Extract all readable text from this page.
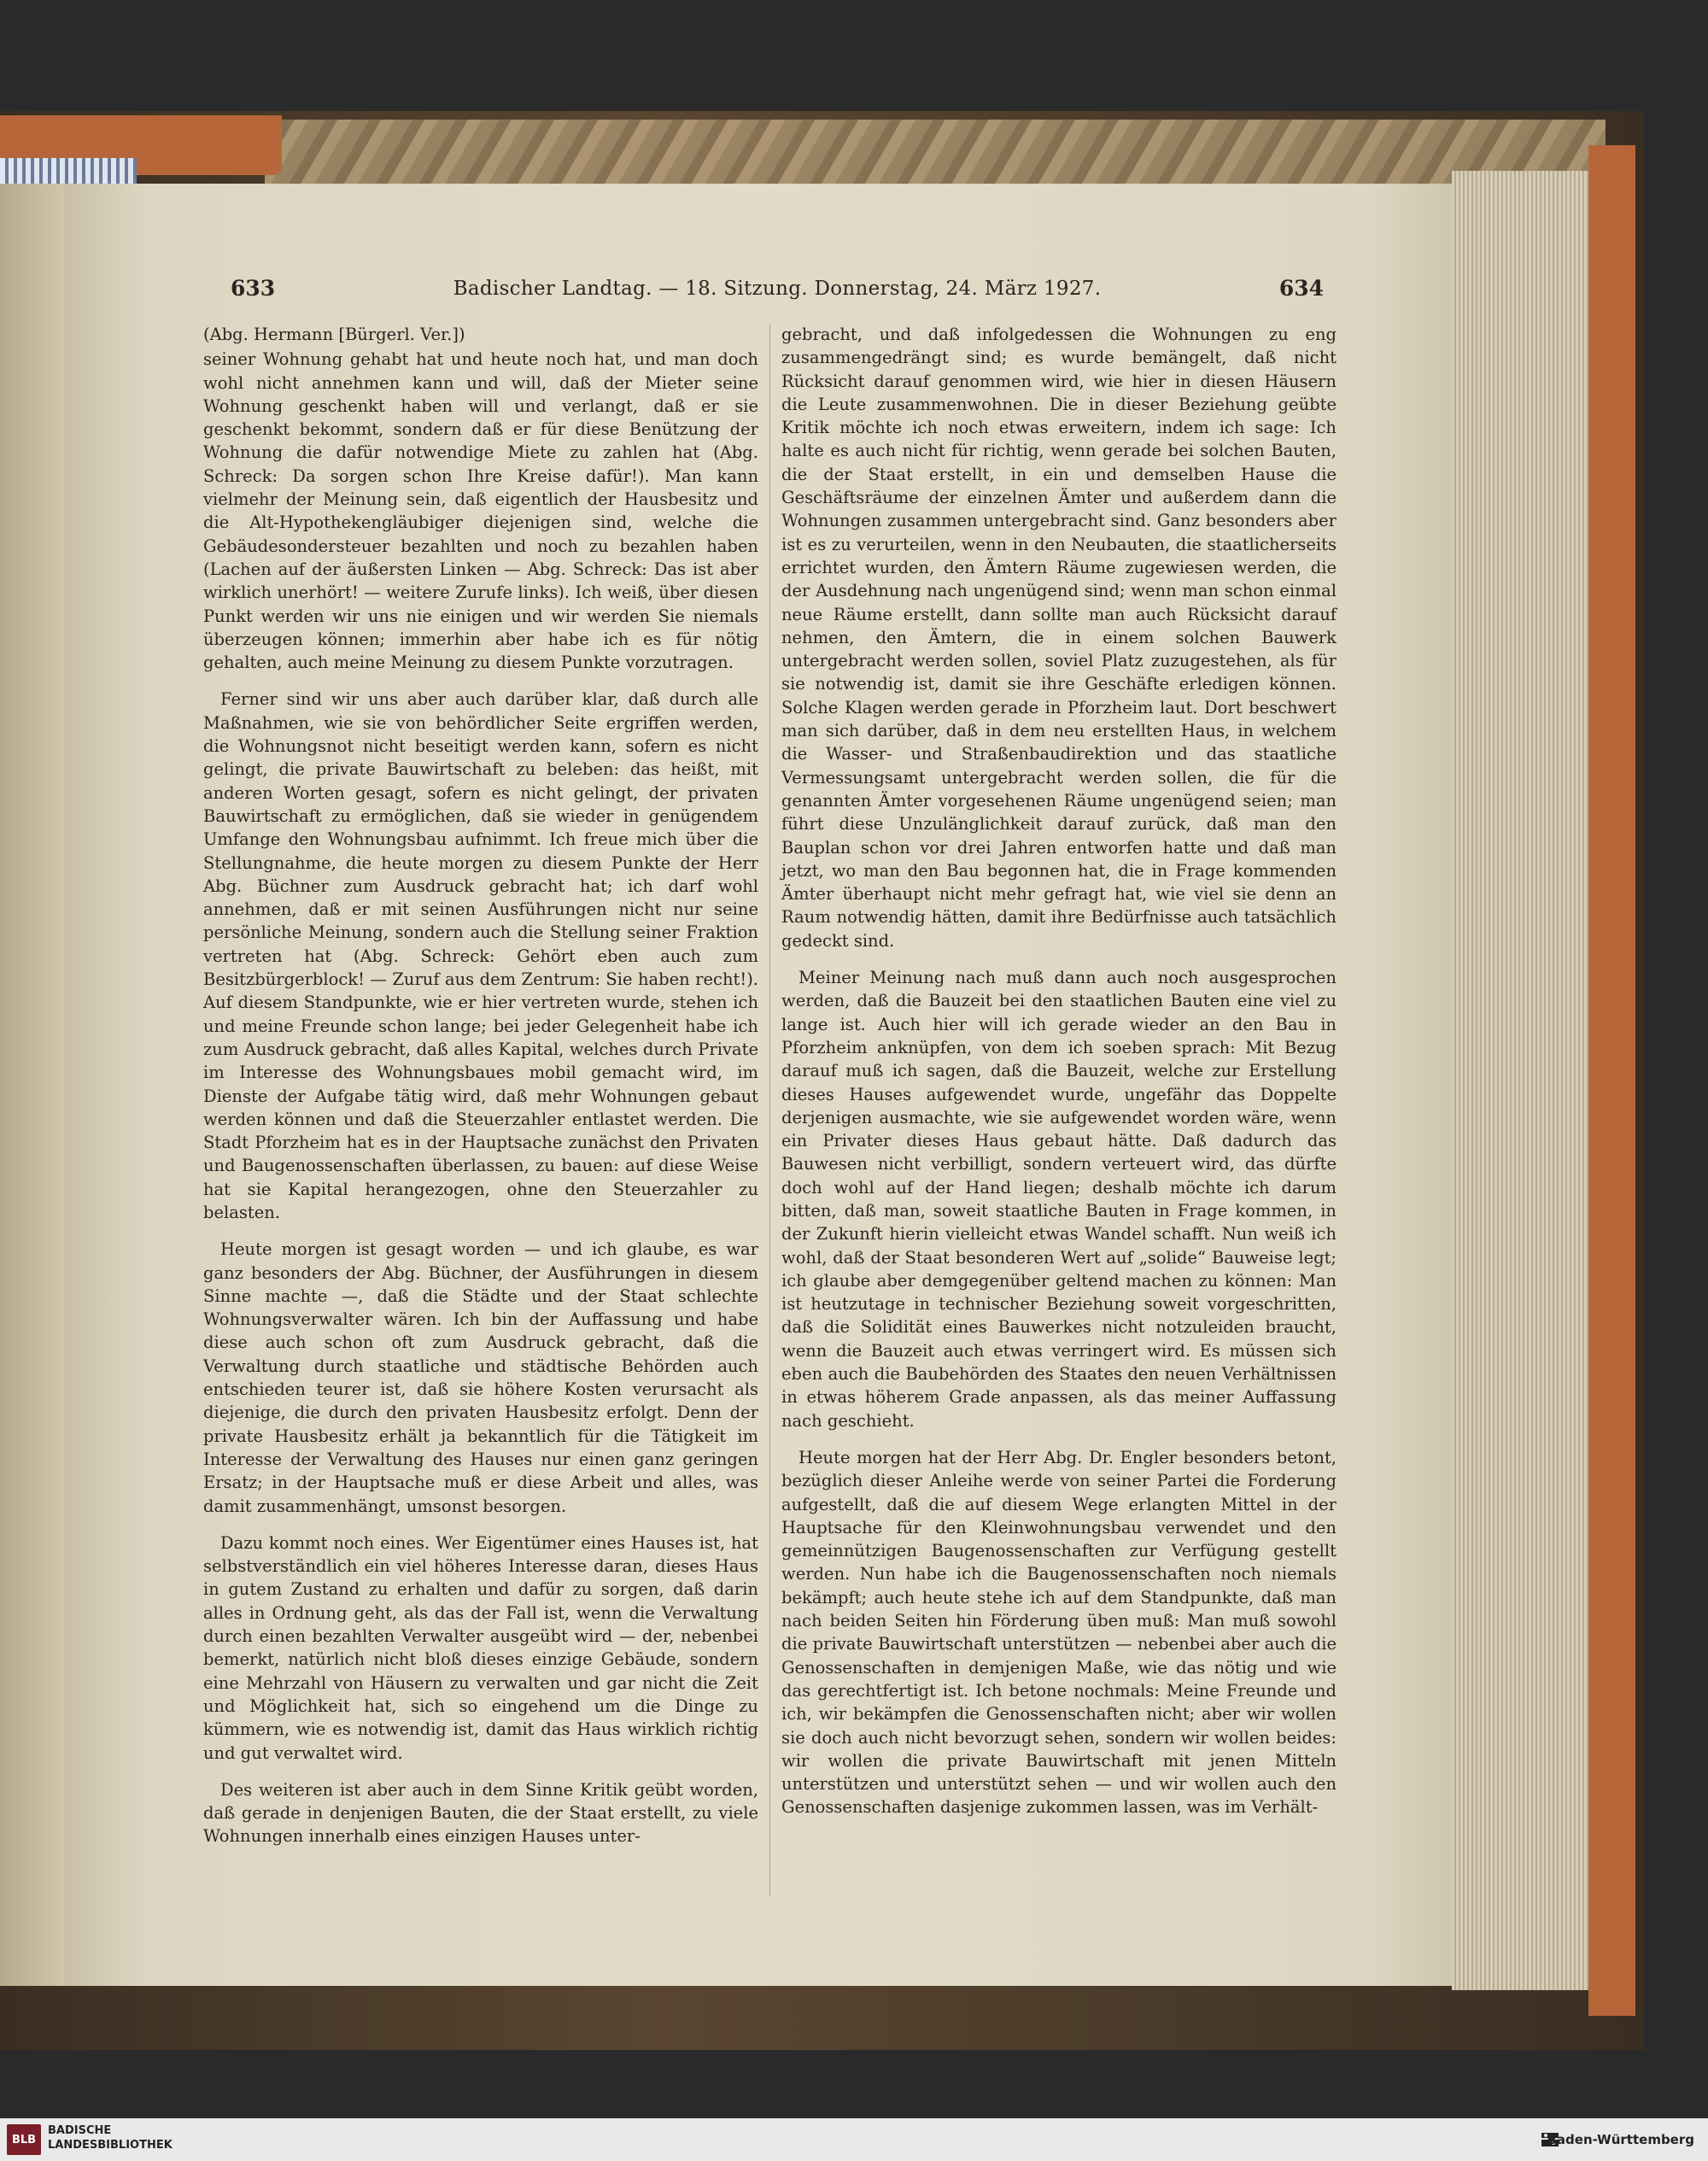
633	Badischer Landtag. — 18. Sitzung. Donnerstag, 24. März 1927.	634
(Abg. Hermann [Bürgerl. Ver.])

seiner Wohnung gehabt hat und heute noch hat, und man doch wohl nicht annehmen kann und will, daß der Mieter seine Wohnung geschenkt haben will und verlangt, daß er sie geschenkt bekommt, sondern daß er für diese Benützung der Wohnung die dafür notwendige Miete zu zahlen hat (Abg. Schreck: Da sorgen schon Ihre Kreise dafür!). Man kann vielmehr der Meinung sein, daß eigentlich der Hausbesitz und die Alt-Hypothekengläubiger diejenigen sind, welche die Gebäudesondersteuer bezahlten und noch zu bezahlen haben (Lachen auf der äußersten Linken — Abg. Schreck: Das ist aber wirklich unerhört! — weitere Zurufe links). Ich weiß, über diesen Punkt werden wir uns nie einigen und wir werden Sie niemals überzeugen können; immerhin aber habe ich es für nötig gehalten, auch meine Meinung zu diesem Punkte vorzutragen.

Ferner sind wir uns aber auch darüber klar, daß durch alle Maßnahmen, wie sie von behördlicher Seite ergriffen werden, die Wohnungsnot nicht beseitigt werden kann, sofern es nicht gelingt, die private Bauwirtschaft zu beleben: das heißt, mit anderen Worten gesagt, sofern es nicht gelingt, der privaten Bauwirtschaft zu ermöglichen, daß sie wieder in genügendem Umfange den Wohnungsbau aufnimmt. Ich freue mich über die Stellungnahme, die heute morgen zu diesem Punkte der Herr Abg. Büchner zum Ausdruck gebracht hat; ich darf wohl annehmen, daß er mit seinen Ausführungen nicht nur seine persönliche Meinung, sondern auch die Stellung seiner Fraktion vertreten hat (Abg. Schreck: Gehört eben auch zum Besitzbürgerblock! — Zuruf aus dem Zentrum: Sie haben recht!). Auf diesem Standpunkte, wie er hier vertreten wurde, stehen ich und meine Freunde schon lange; bei jeder Gelegenheit habe ich zum Ausdruck gebracht, daß alles Kapital, welches durch Private im Interesse des Wohnungsbaues mobil gemacht wird, im Dienste der Aufgabe tätig wird, daß mehr Wohnungen gebaut werden können und daß die Steuerzahler entlastet werden. Die Stadt Pforzheim hat es in der Hauptsache zunächst den Privaten und Baugenossenschaften überlassen, zu bauen: auf diese Weise hat sie Kapital herangezogen, ohne den Steuerzahler zu belasten.

Heute morgen ist gesagt worden — und ich glaube, es war ganz besonders der Abg. Büchner, der Ausführungen in diesem Sinne machte —, daß die Städte und der Staat schlechte Wohnungsverwalter wären. Ich bin der Auffassung und habe diese auch schon oft zum Ausdruck gebracht, daß die Verwaltung durch staatliche und städtische Behörden auch entschieden teurer ist, daß sie höhere Kosten verursacht als diejenige, die durch den privaten Hausbesitz erfolgt. Denn der private Hausbesitz erhält ja bekanntlich für die Tätigkeit im Interesse der Verwaltung des Hauses nur einen ganz geringen Ersatz; in der Hauptsache muß er diese Arbeit und alles, was damit zusammenhängt, umsonst besorgen.

Dazu kommt noch eines. Wer Eigentümer eines Hauses ist, hat selbstverständlich ein viel höheres Interesse daran, dieses Haus in gutem Zustand zu erhalten und dafür zu sorgen, daß darin alles in Ordnung geht, als das der Fall ist, wenn die Verwaltung durch einen bezahlten Verwalter ausgeübt wird — der, nebenbei bemerkt, natürlich nicht bloß dieses einzige Gebäude, sondern eine Mehrzahl von Häusern zu verwalten und gar nicht die Zeit und Möglichkeit hat, sich so eingehend um die Dinge zu kümmern, wie es notwendig ist, damit das Haus wirklich richtig und gut verwaltet wird.

Des weiteren ist aber auch in dem Sinne Kritik geübt worden, daß gerade in denjenigen Bauten, die der Staat erstellt, zu viele Wohnungen innerhalb eines einzigen Hauses unter-

gebracht, und daß infolgedessen die Wohnungen zu eng zusammengedrängt sind; es wurde bemängelt, daß nicht Rücksicht darauf genommen wird, wie hier in diesen Häusern die Leute zusammenwohnen. Die in dieser Beziehung geübte Kritik möchte ich noch etwas erweitern, indem ich sage: Ich halte es auch nicht für richtig, wenn gerade bei solchen Bauten, die der Staat erstellt, in ein und demselben Hause die Geschäftsräume der einzelnen Ämter und außerdem dann die Wohnungen zusammen untergebracht sind. Ganz besonders aber ist es zu verurteilen, wenn in den Neubauten, die staatlicherseits errichtet wurden, den Ämtern Räume zugewiesen werden, die der Ausdehnung nach ungenügend sind; wenn man schon einmal neue Räume erstellt, dann sollte man auch Rücksicht darauf nehmen, den Ämtern, die in einem solchen Bauwerk untergebracht werden sollen, soviel Platz zuzugestehen, als für sie notwendig ist, damit sie ihre Geschäfte erledigen können. Solche Klagen werden gerade in Pforzheim laut. Dort beschwert man sich darüber, daß in dem neu erstellten Haus, in welchem die Wasser- und Straßenbaudirektion und das staatliche Vermessungsamt untergebracht werden sollen, die für die genannten Ämter vorgesehenen Räume ungenügend seien; man führt diese Unzulänglichkeit darauf zurück, daß man den Bauplan schon vor drei Jahren entworfen hatte und daß man jetzt, wo man den Bau begonnen hat, die in Frage kommenden Ämter überhaupt nicht mehr gefragt hat, wie viel sie denn an Raum notwendig hätten, damit ihre Bedürfnisse auch tatsächlich gedeckt sind.

Meiner Meinung nach muß dann auch noch ausgesprochen werden, daß die Bauzeit bei den staatlichen Bauten eine viel zu lange ist. Auch hier will ich gerade wieder an den Bau in Pforzheim anknüpfen, von dem ich soeben sprach: Mit Bezug darauf muß ich sagen, daß die Bauzeit, welche zur Erstellung dieses Hauses aufgewendet wurde, ungefähr das Doppelte derjenigen ausmachte, wie sie aufgewendet worden wäre, wenn ein Privater dieses Haus gebaut hätte. Daß dadurch das Bauwesen nicht verbilligt, sondern verteuert wird, das dürfte doch wohl auf der Hand liegen; deshalb möchte ich darum bitten, daß man, soweit staatliche Bauten in Frage kommen, in der Zukunft hierin vielleicht etwas Wandel schafft. Nun weiß ich wohl, daß der Staat besonderen Wert auf „solide“ Bauweise legt; ich glaube aber demgegenüber geltend machen zu können: Man ist heutzutage in technischer Beziehung soweit vorgeschritten, daß die Solidität eines Bauwerkes nicht notzuleiden braucht, wenn die Bauzeit auch etwas verringert wird. Es müssen sich eben auch die Baubehörden des Staates den neuen Verhältnissen in etwas höherem Grade anpassen, als das meiner Auffassung nach geschieht.

Heute morgen hat der Herr Abg. Dr. Engler besonders betont, bezüglich dieser Anleihe werde von seiner Partei die Forderung aufgestellt, daß die auf diesem Wege erlangten Mittel in der Hauptsache für den Kleinwohnungsbau verwendet und den gemeinnützigen Baugenossenschaften zur Verfügung gestellt werden. Nun habe ich die Baugenossenschaften noch niemals bekämpft; auch heute stehe ich auf dem Standpunkte, daß man nach beiden Seiten hin Förderung üben muß: Man muß sowohl die private Bauwirtschaft unterstützen — nebenbei aber auch die Genossenschaften in demjenigen Maße, wie das nötig und wie das gerechtfertigt ist. Ich betone nochmals: Meine Freunde und ich, wir bekämpfen die Genossenschaften nicht; aber wir wollen sie doch auch nicht bevorzugt sehen, sondern wir wollen beides: wir wollen die private Bauwirtschaft mit jenen Mitteln unterstützen und unterstützt sehen — und wir wollen auch den Genossenschaften dasjenige zukommen lassen, was im Verhält-

BLB
BADISCHE
LANDESBIBLIOTHEK	Baden-Württemberg
